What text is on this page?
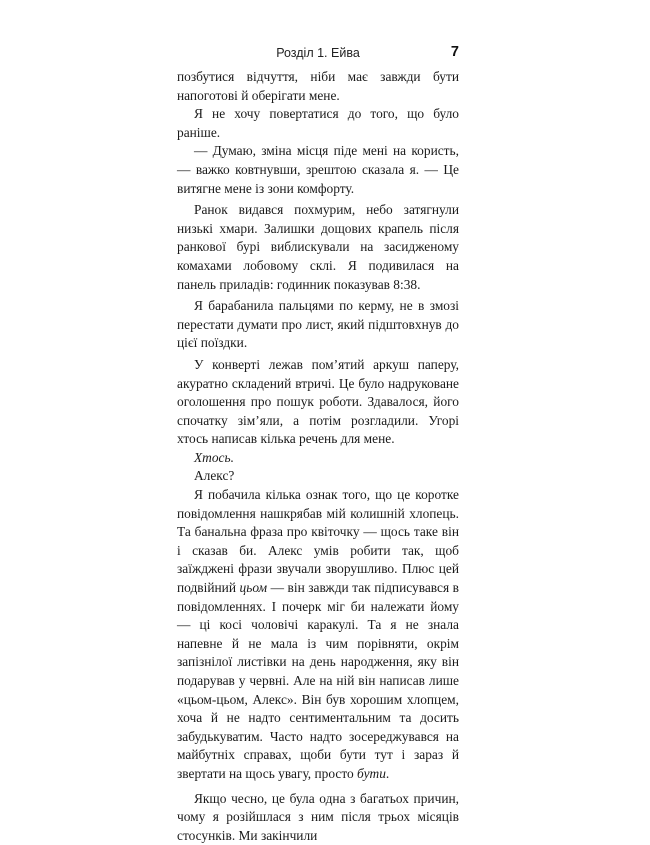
Розділ 1. Ейва	7

позбутися відчуття, ніби має завжди бути напоготові й оберігати мене.

Я не хочу повертатися до того, що було раніше.

— Думаю, зміна місця піде мені на користь, — важко ковтнувши, зрештою сказала я. — Це витягне мене із зони комфорту.

Ранок видався похмурим, небо затягнули низькі хмари. Залишки дощових крапель після ранкової бурі виблискували на засидженому комахами лобовому склі. Я подивилася на панель приладів: годинник показував 8:38.

Я барабанила пальцями по керму, не в змозі перестати думати про лист, який підштовхнув до цієї поїздки.

У конверті лежав пом’ятий аркуш паперу, акуратно складений втричі. Це було надруковане оголошення про пошук роботи. Здавалося, його спочатку зім’яли, а потім розгладили. Угорі хтось написав кілька речень для мене.

Хтось.

Алекс?

Я побачила кілька ознак того, що це коротке повідомлення нашкрябав мій колишній хлопець. Та банальна фраза про квіточку — щось таке він і сказав би. Алекс умів робити так, щоб заїжджені фрази звучали зворушливо. Плюс цей подвійний цьом — він завжди так підписувався в повідомленнях. І почерк міг би належати йому — ці косі чоловічі каракулі. Та я не знала напевне й не мала із чим порівняти, окрім запізнілої листівки на день народження, яку він подарував у червні. Але на ній він написав лише «цьом-цьом, Алекс». Він був хорошим хлопцем, хоча й не надто сентиментальним та досить забудькуватим. Часто надто зосереджувався на майбутніх справах, щоби бути тут і зараз й звертати на щось увагу, просто бути.

Якщо чесно, це була одна з багатьох причин, чому я розійшлася з ним після трьох місяців стосунків. Ми закінчили
